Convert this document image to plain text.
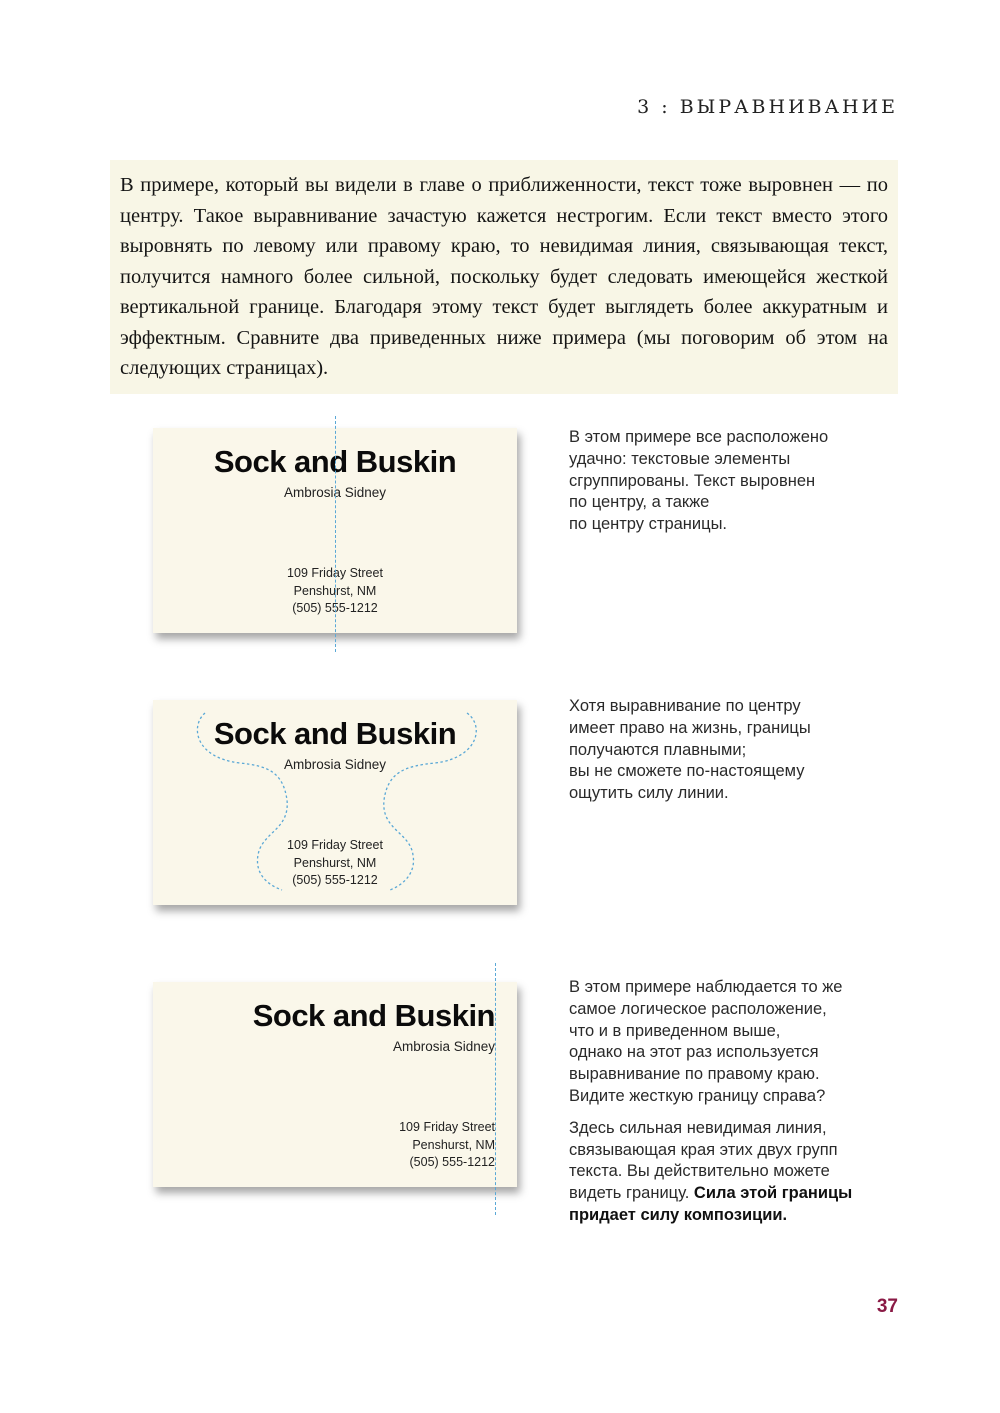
3 : ВЫРАВНИВАНИЕ

В примере, который вы видели в главе о приближенности, текст тоже выровнен — по центру. Такое выравнивание зачастую кажется нестрогим. Если текст вместо этого выровнять по левому или правому краю, то невидимая линия, связывающая текст, получится намного более сильной, поскольку будет следовать имеющейся жесткой вертикальной границе. Благодаря этому текст будет выглядеть более аккуратным и эффектным. Сравните два приведенных ниже примера (мы поговорим об этом на следующих страницах).

Sock and Buskin
Ambrosia Sidney
109 Friday Street
Penshurst, NM
(505) 555-1212
Sock and Buskin
Ambrosia Sidney
109 Friday Street
Penshurst, NM
(505) 555-1212
Sock and Buskin
Ambrosia Sidney
109 Friday Street
Penshurst, NM
(505) 555-1212
В этом примере все расположено
удачно: текстовые элементы
сгруппированы. Текст выровнен
по центру, а также
по центру страницы.
Хотя выравнивание по центру
имеет право на жизнь, границы
получаются плавными;
вы не сможете по-настоящему
ощутить силу линии.

В этом примере наблюдается то же
самое логическое расположение,
что и в приведенном выше,
однако на этот раз используется
выравнивание по правому краю.
Видите жесткую границу справа?

Здесь сильная невидимая линия,
связывающая края этих двух групп
текста. Вы действительно можете
видеть границу. Сила этой границы
придает силу композиции.

37
